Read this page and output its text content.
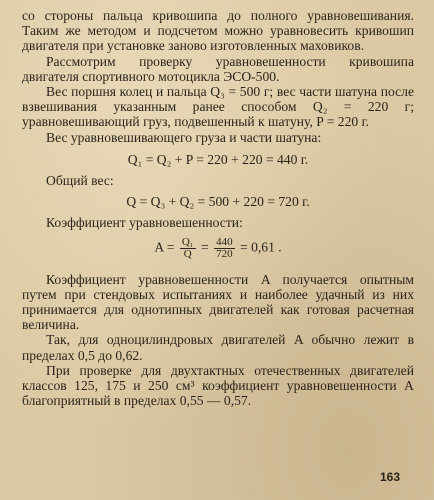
со стороны пальца кривошипа до полного уравновешивания. Таким же методом и подсчетом можно уравновесить кривошип двигателя при установке заново изготовленных маховиков.

Рассмотрим проверку уравновешенности кривошипа двигателя спортивного мотоцикла ЭСО-500.

Вес поршня колец и пальца Q₃ = 500 г; вес части шатуна после взвешивания указанным ранее способом Q₂ = 220 г; уравновешивающий груз, подвешенный к шатуну, P = 220 г.

Вес уравновешивающего груза и части шатуна:

Q₁ = Q₂ + P = 220 + 220 = 440 г.

Общий вес:

Q = Q₃ + Q₂ = 500 + 220 = 720 г.

Коэффициент уравновешенности:

$A = \frac{\text{Q₁}}{Q} = \frac{440}{720} = 0,61$ .

Коэффициент уравновешенности A получается опытным путем при стендовых испытаниях и наиболее удачный из них принимается для однотипных двигателей как готовая расчетная величина.

Так, для одноцилиндровых двигателей A обычно лежит в пределах 0,5 до 0,62.

При проверке для двухтактных отечественных двигателей классов 125, 175 и 250 см³ коэффициент уравновешенности A благоприятный в пределах 0,55 — 0,57.

163
